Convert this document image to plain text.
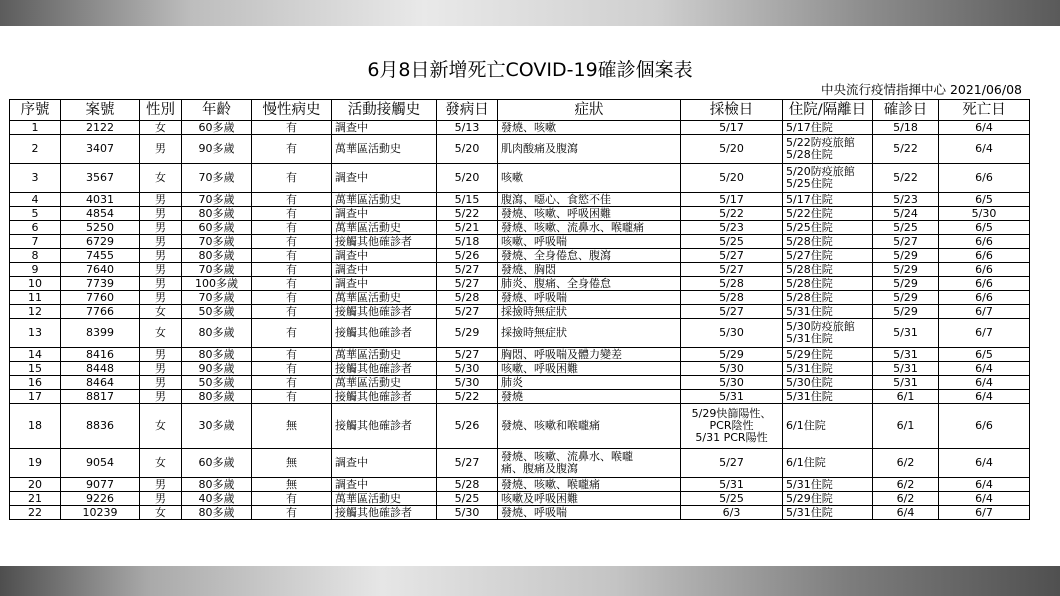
6月8日新增死亡COVID-19確診個案表
中央流行疫情指揮中心 2021/06/08
序號	案號	性別	年齡	慢性病史	活動接觸史	發病日	症狀	採檢日	住院/隔離日	確診日	死亡日
1	2122	女	60多歲	有	調查中	5/13	發燒、咳嗽	5/17	5/17住院	5/18	6/4
2	3407	男	90多歲	有	萬華區活動史	5/20	肌肉酸痛及腹瀉	5/20	5/22防疫旅館
5/28住院	5/22	6/4
3	3567	女	70多歲	有	調查中	5/20	咳嗽	5/20	5/20防疫旅館
5/25住院	5/22	6/6
4	4031	男	70多歲	有	萬華區活動史	5/15	腹瀉、噁心、食慾不佳	5/17	5/17住院	5/23	6/5
5	4854	男	80多歲	有	調查中	5/22	發燒、咳嗽、呼吸困難	5/22	5/22住院	5/24	5/30
6	5250	男	60多歲	有	萬華區活動史	5/21	發燒、咳嗽、流鼻水、喉嚨痛	5/23	5/25住院	5/25	6/5
7	6729	男	70多歲	有	接觸其他確診者	5/18	咳嗽、呼吸喘	5/25	5/28住院	5/27	6/6
8	7455	男	80多歲	有	調查中	5/26	發燒、全身倦怠、腹瀉	5/27	5/27住院	5/29	6/6
9	7640	男	70多歲	有	調查中	5/27	發燒、胸悶	5/27	5/28住院	5/29	6/6
10	7739	男	100多歲	有	調查中	5/27	肺炎、腹痛、全身倦怠	5/28	5/28住院	5/29	6/6
11	7760	男	70多歲	有	萬華區活動史	5/28	發燒、呼吸喘	5/28	5/28住院	5/29	6/6
12	7766	女	50多歲	有	接觸其他確診者	5/27	採撿時無症狀	5/27	5/31住院	5/29	6/7
13	8399	女	80多歲	有	接觸其他確診者	5/29	採撿時無症狀	5/30	5/30防疫旅館
5/31住院	5/31	6/7
14	8416	男	80多歲	有	萬華區活動史	5/27	胸悶、呼吸喘及體力變差	5/29	5/29住院	5/31	6/5
15	8448	男	90多歲	有	接觸其他確診者	5/30	咳嗽、呼吸困難	5/30	5/31住院	5/31	6/4
16	8464	男	50多歲	有	萬華區活動史	5/30	肺炎	5/30	5/30住院	5/31	6/4
17	8817	男	80多歲	有	接觸其他確診者	5/22	發燒	5/31	5/31住院	6/1	6/4
18	8836	女	30多歲	無	接觸其他確診者	5/26	發燒、咳嗽和喉嚨痛	5/29快篩陽性、
PCR陰性
5/31 PCR陽性	6/1住院	6/1	6/6
19	9054	女	60多歲	無	調查中	5/27	發燒、咳嗽、流鼻水、喉嚨
痛、腹痛及腹瀉	5/27	6/1住院	6/2	6/4
20	9077	男	80多歲	無	調查中	5/28	發燒、咳嗽、喉嚨痛	5/31	5/31住院	6/2	6/4
21	9226	男	40多歲	有	萬華區活動史	5/25	咳嗽及呼吸困難	5/25	5/29住院	6/2	6/4
22	10239	女	80多歲	有	接觸其他確診者	5/30	發燒、呼吸喘	6/3	5/31住院	6/4	6/7
